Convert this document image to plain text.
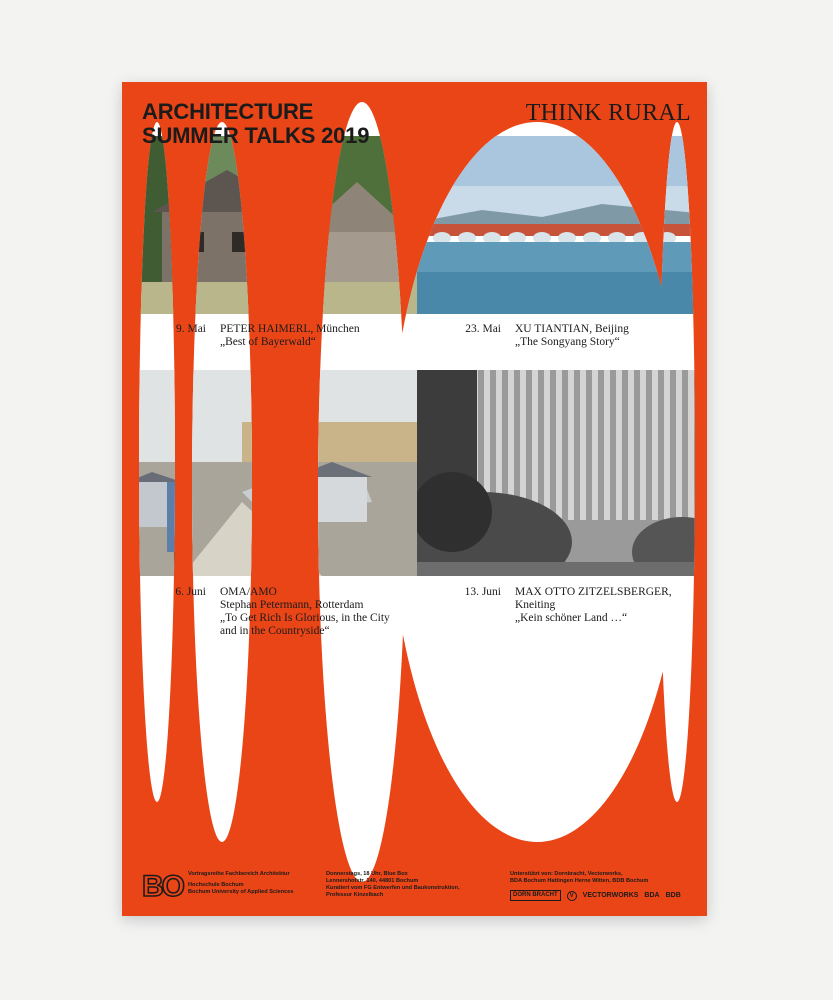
ARCHITECTURE
SUMMER TALKS 2019
THINK RURAL
9. Mai PETER HAIMERL, München
„Best of Bayerwald“
23. Mai XU TIANTIAN, Beijing
„The Songyang Story“
6. Juni OMA/AMO
Stephan Petermann, Rotterdam
„To Get Rich Is Glorious, in the City
and in the Countryside“
13. Juni MAX OTTO ZITZELSBERGER,
Kneiting
„Kein schöner Land …“
BO Vortragsreihe Fachbereich Architektur
Hochschule Bochum
Bochum University of Applied Sciences
Donnerstags, 18 Uhr, Blue Box
Lennershofstr. 140, 44801 Bochum
Kuratiert vom FG Entwerfen und Baukonstruktion,
Professur Kinzelbach
Unterstützt von: Dornbracht, Vectorworks,
BDA Bochum Hattingen Herne Witten, BDB Bochum
DORN BRACHT	V	VECTORWORKS BDA BDB
